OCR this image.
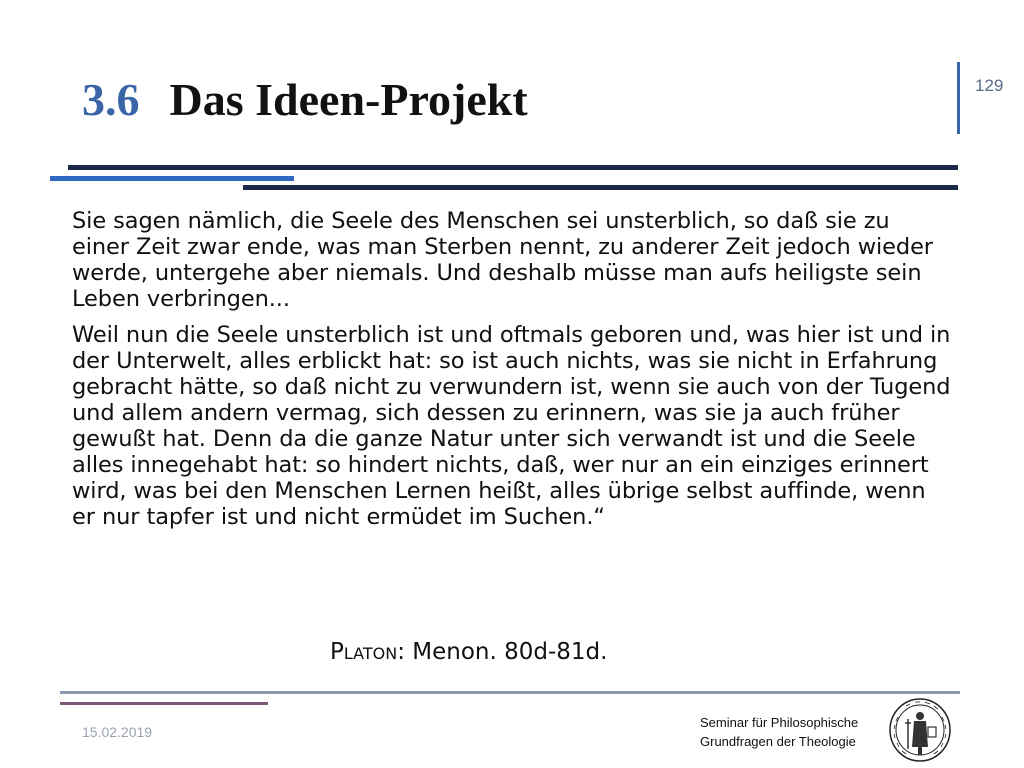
3.6 Das Ideen-Projekt	129

Sie sagen nämlich, die Seele des Menschen sei unsterblich, so daß sie zu einer Zeit zwar ende, was man Sterben nennt, zu anderer Zeit jedoch wieder werde, untergehe aber niemals. Und deshalb müsse man aufs heiligste sein Leben verbringen...

Weil nun die Seele unsterblich ist und oftmals geboren und, was hier ist und in der Unterwelt, alles erblickt hat: so ist auch nichts, was sie nicht in Erfahrung gebracht hätte, so daß nicht zu verwundern ist, wenn sie auch von der Tugend und allem andern vermag, sich dessen zu erinnern, was sie ja auch früher gewußt hat. Denn da die ganze Natur unter sich verwandt ist und die Seele alles innegehabt hat: so hindert nichts, daß, wer nur an ein einziges erinnert wird, was bei den Menschen Lernen heißt, alles übrige selbst auffinde, wenn er nur tapfer ist und nicht ermüdet im Suchen.“

Platon: Menon. 80d-81d.
15.02.2019
Seminar für Philosophische
Grundfragen der Theologie
